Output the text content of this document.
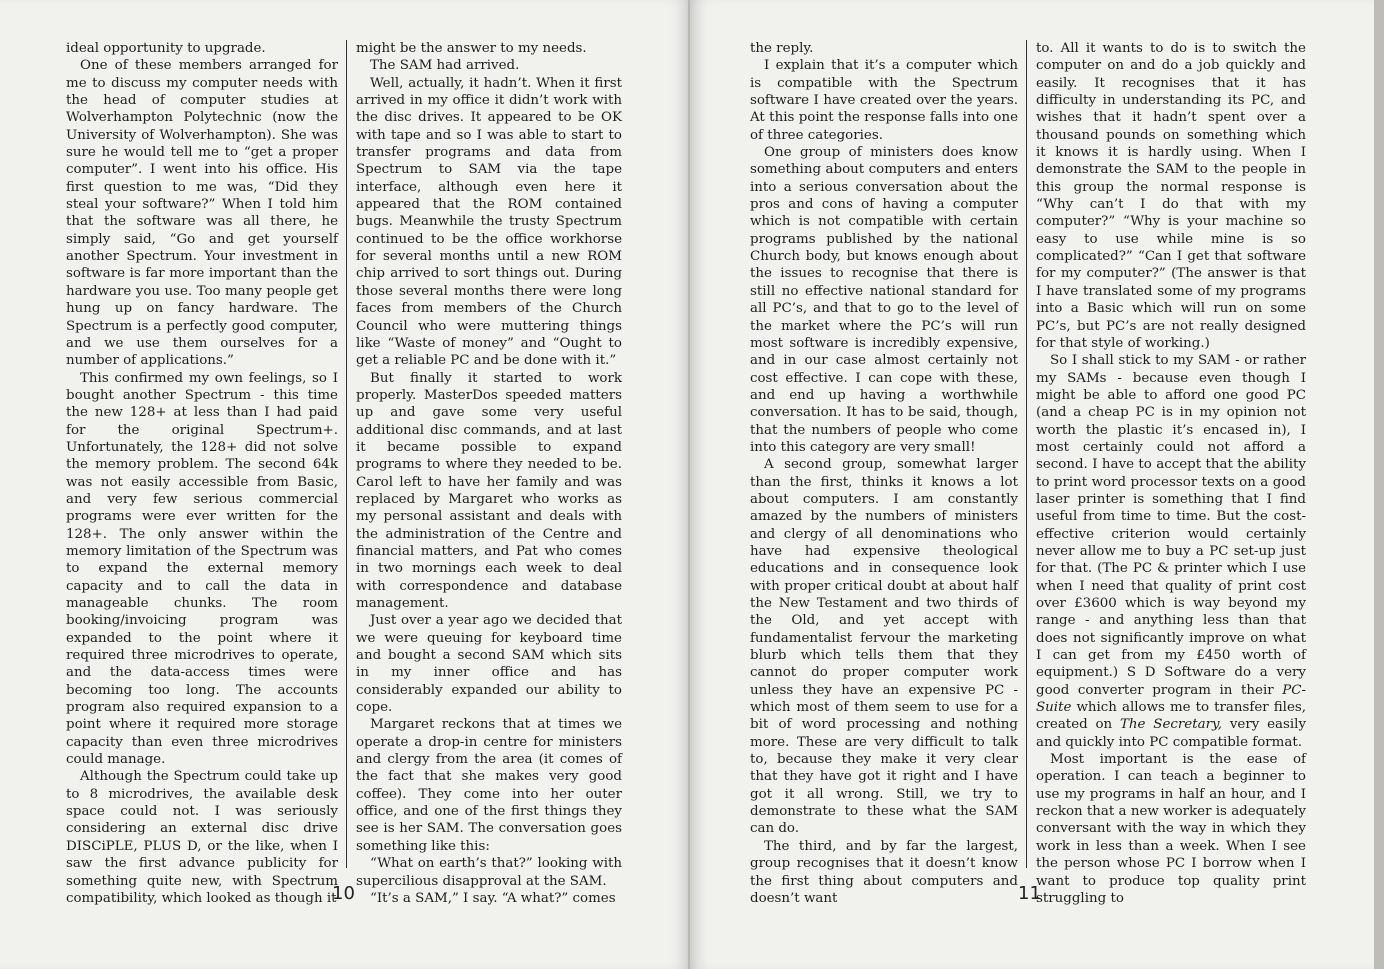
ideal opportunity to upgrade.

One of these members arranged for me to discuss my computer needs with the head of computer studies at Wolverhampton Polytechnic (now the University of Wolverhampton). She was sure he would tell me to “get a proper computer”. I went into his office. His first question to me was, “Did they steal your software?” When I told him that the software was all there, he simply said, “Go and get yourself another Spectrum. Your investment in software is far more important than the hardware you use. Too many people get hung up on fancy hardware. The Spectrum is a perfectly good computer, and we use them ourselves for a number of applications.”

This confirmed my own feelings, so I bought another Spectrum - this time the new 128+ at less than I had paid for the original Spectrum+. Unfortunately, the 128+ did not solve the memory problem. The second 64k was not easily accessible from Basic, and very few serious commercial programs were ever written for the 128+. The only answer within the memory limitation of the Spectrum was to expand the external memory capacity and to call the data in manageable chunks. The room booking/invoicing program was expanded to the point where it required three microdrives to operate, and the data-access times were becoming too long. The accounts program also required expansion to a point where it required more storage capacity than even three microdrives could manage.

Although the Spectrum could take up to 8 microdrives, the available desk space could not. I was seriously considering an external disc drive DISCiPLE, PLUS D, or the like, when I saw the first advance publicity for something quite new, with Spectrum compatibility, which looked as though it

might be the answer to my needs.

The SAM had arrived.

Well, actually, it hadn’t. When it first arrived in my office it didn’t work with the disc drives. It appeared to be OK with tape and so I was able to start to transfer programs and data from Spectrum to SAM via the tape interface, although even here it appeared that the ROM contained bugs. Meanwhile the trusty Spectrum continued to be the office workhorse for several months until a new ROM chip arrived to sort things out. During those several months there were long faces from members of the Church Council who were muttering things like “Waste of money” and “Ought to get a reliable PC and be done with it.”

But finally it started to work properly. MasterDos speeded matters up and gave some very useful additional disc commands, and at last it became possible to expand programs to where they needed to be. Carol left to have her family and was replaced by Margaret who works as my personal assistant and deals with the administration of the Centre and financial matters, and Pat who comes in two mornings each week to deal with correspondence and database management.

Just over a year ago we decided that we were queuing for keyboard time and bought a second SAM which sits in my inner office and has considerably expanded our ability to cope.

Margaret reckons that at times we operate a drop-in centre for ministers and clergy from the area (it comes of the fact that she makes very good coffee). They come into her outer office, and one of the first things they see is her SAM. The conversation goes something like this:

“What on earth’s that?” looking with supercilious disapproval at the SAM.

“It’s a SAM,” I say. “A what?” comes

10

the reply.

I explain that it’s a computer which is compatible with the Spectrum software I have created over the years. At this point the response falls into one of three categories.

One group of ministers does know something about computers and enters into a serious conversation about the pros and cons of having a computer which is not compatible with certain programs published by the national Church body, but knows enough about the issues to recognise that there is still no effective national standard for all PC’s, and that to go to the level of the market where the PC’s will run most software is incredibly expensive, and in our case almost certainly not cost effective. I can cope with these, and end up having a worthwhile conversation. It has to be said, though, that the numbers of people who come into this category are very small!

A second group, somewhat larger than the first, thinks it knows a lot about computers. I am constantly amazed by the numbers of ministers and clergy of all denominations who have had expensive theological educations and in consequence look with proper critical doubt at about half the New Testament and two thirds of the Old, and yet accept with fundamentalist fervour the marketing blurb which tells them that they cannot do proper computer work unless they have an expensive PC - which most of them seem to use for a bit of word processing and nothing more. These are very difficult to talk to, because they make it very clear that they have got it right and I have got it all wrong. Still, we try to demonstrate to these what the SAM can do.

The third, and by far the largest, group recognises that it doesn’t know the first thing about computers and doesn’t want

to. All it wants to do is to switch the computer on and do a job quickly and easily. It recognises that it has difficulty in understanding its PC, and wishes that it hadn’t spent over a thousand pounds on something which it knows it is hardly using. When I demonstrate the SAM to the people in this group the normal response is “Why can’t I do that with my computer?” “Why is your machine so easy to use while mine is so complicated?” “Can I get that software for my computer?” (The answer is that I have translated some of my programs into a Basic which will run on some PC’s, but PC’s are not really designed for that style of working.)

So I shall stick to my SAM - or rather my SAMs - because even though I might be able to afford one good PC (and a cheap PC is in my opinion not worth the plastic it’s encased in), I most certainly could not afford a second. I have to accept that the ability to print word processor texts on a good laser printer is something that I find useful from time to time. But the cost-effective criterion would certainly never allow me to buy a PC set-up just for that. (The PC & printer which I use when I need that quality of print cost over £3600 which is way beyond my range - and anything less than that does not significantly improve on what I can get from my £450 worth of equipment.) S D Software do a very good converter program in their PC-Suite which allows me to transfer files, created on The Secretary, very easily and quickly into PC compatible format.

Most important is the ease of operation. I can teach a beginner to use my programs in half an hour, and I reckon that a new worker is adequately conversant with the way in which they work in less than a week. When I see the person whose PC I borrow when I want to produce top quality print struggling to

11
